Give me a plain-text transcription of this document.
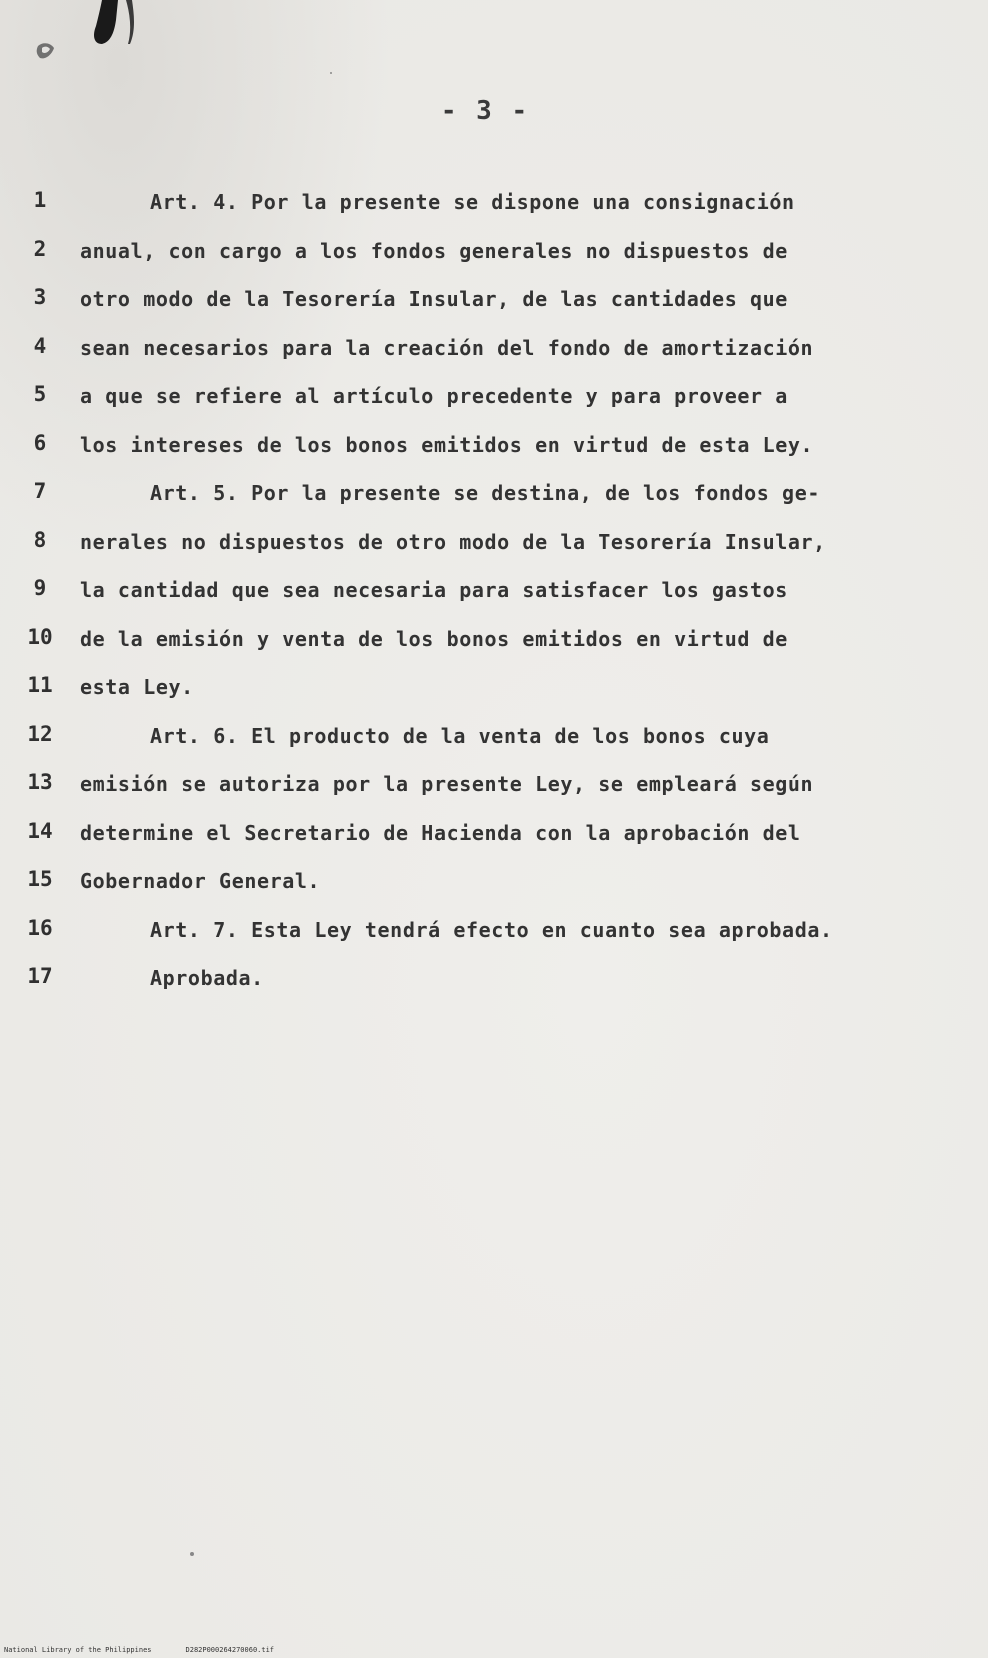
- 3 -
1	Art. 4. Por la presente se dispone una consignación
2	anual, con cargo a los fondos generales no dispuestos de
3	otro modo de la Tesorería Insular, de las cantidades que
4	sean necesarios para la creación del fondo de amortización
5	a que se refiere al artículo precedente y para proveer a
6	los intereses de los bonos emitidos en virtud de esta Ley.
7	Art. 5. Por la presente se destina, de los fondos ge-
8	nerales no dispuestos de otro modo de la Tesorería Insular,
9	la cantidad que sea necesaria para satisfacer los gastos
10	de la emisión y venta de los bonos emitidos en virtud de
11	esta Ley.
12	Art. 6. El producto de la venta de los bonos cuya
13	emisión se autoriza por la presente Ley, se empleará según
14	determine el Secretario de Hacienda con la aprobación del
15	Gobernador General.
16	Art. 7. Esta Ley tendrá efecto en cuanto sea aprobada.
17	Aprobada.
National Library of the Philippines	D282P000264270060.tif
